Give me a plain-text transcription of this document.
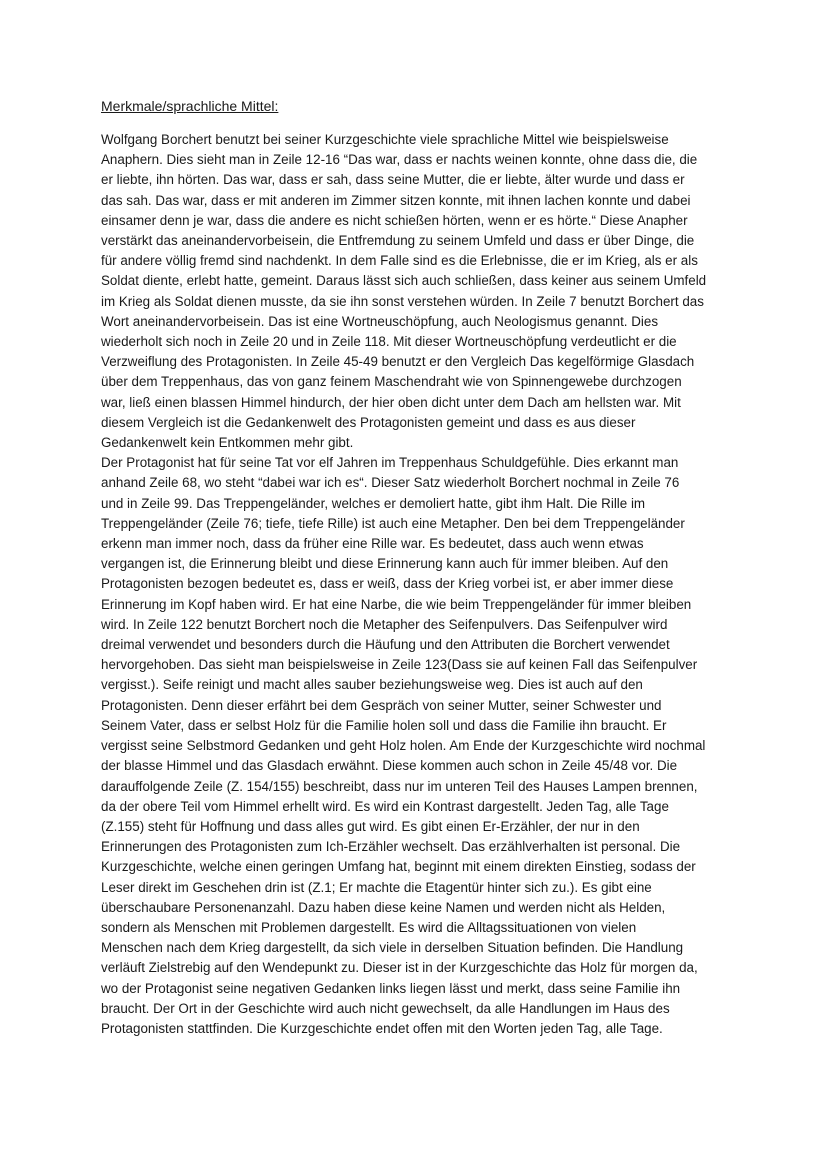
Merkmale/sprachliche Mittel:

Wolfgang Borchert benutzt bei seiner Kurzgeschichte viele sprachliche Mittel wie beispielsweise
Anaphern. Dies sieht man in Zeile 12-16 “Das war, dass er nachts weinen konnte, ohne dass die, die
er liebte, ihn hörten. Das war, dass er sah, dass seine Mutter, die er liebte, älter wurde und dass er
das sah. Das war, dass er mit anderen im Zimmer sitzen konnte, mit ihnen lachen konnte und dabei
einsamer denn je war, dass die andere es nicht schießen hörten, wenn er es hörte.“ Diese Anapher
verstärkt das aneinandervorbeisein, die Entfremdung zu seinem Umfeld und dass er über Dinge, die
für andere völlig fremd sind nachdenkt. In dem Falle sind es die Erlebnisse, die er im Krieg, als er als
Soldat diente, erlebt hatte, gemeint. Daraus lässt sich auch schließen, dass keiner aus seinem Umfeld
im Krieg als Soldat dienen musste, da sie ihn sonst verstehen würden. In Zeile 7 benutzt Borchert das
Wort aneinandervorbeisein. Das ist eine Wortneuschöpfung, auch Neologismus genannt. Dies
wiederholt sich noch in Zeile 20 und in Zeile 118. Mit dieser Wortneuschöpfung verdeutlicht er die
Verzweiflung des Protagonisten. In Zeile 45-49 benutzt er den Vergleich Das kegelförmige Glasdach
über dem Treppenhaus, das von ganz feinem Maschendraht wie von Spinnengewebe durchzogen
war, ließ einen blassen Himmel hindurch, der hier oben dicht unter dem Dach am hellsten war. Mit
diesem Vergleich ist die Gedankenwelt des Protagonisten gemeint und dass es aus dieser
Gedankenwelt kein Entkommen mehr gibt.

Der Protagonist hat für seine Tat vor elf Jahren im Treppenhaus Schuldgefühle. Dies erkannt man
anhand Zeile 68, wo steht “dabei war ich es“. Dieser Satz wiederholt Borchert nochmal in Zeile 76
und in Zeile 99. Das Treppengeländer, welches er demoliert hatte, gibt ihm Halt. Die Rille im
Treppengeländer (Zeile 76; tiefe, tiefe Rille) ist auch eine Metapher. Den bei dem Treppengeländer
erkenn man immer noch, dass da früher eine Rille war. Es bedeutet, dass auch wenn etwas
vergangen ist, die Erinnerung bleibt und diese Erinnerung kann auch für immer bleiben. Auf den
Protagonisten bezogen bedeutet es, dass er weiß, dass der Krieg vorbei ist, er aber immer diese
Erinnerung im Kopf haben wird. Er hat eine Narbe, die wie beim Treppengeländer für immer bleiben
wird. In Zeile 122 benutzt Borchert noch die Metapher des Seifenpulvers. Das Seifenpulver wird
dreimal verwendet und besonders durch die Häufung und den Attributen die Borchert verwendet
hervorgehoben. Das sieht man beispielsweise in Zeile 123(Dass sie auf keinen Fall das Seifenpulver
vergisst.). Seife reinigt und macht alles sauber beziehungsweise weg. Dies ist auch auf den
Protagonisten. Denn dieser erfährt bei dem Gespräch von seiner Mutter, seiner Schwester und
Seinem Vater, dass er selbst Holz für die Familie holen soll und dass die Familie ihn braucht. Er
vergisst seine Selbstmord Gedanken und geht Holz holen. Am Ende der Kurzgeschichte wird nochmal
der blasse Himmel und das Glasdach erwähnt. Diese kommen auch schon in Zeile 45/48 vor. Die
darauffolgende Zeile (Z. 154/155) beschreibt, dass nur im unteren Teil des Hauses Lampen brennen,
da der obere Teil vom Himmel erhellt wird. Es wird ein Kontrast dargestellt. Jeden Tag, alle Tage
(Z.155) steht für Hoffnung und dass alles gut wird. Es gibt einen Er-Erzähler, der nur in den
Erinnerungen des Protagonisten zum Ich-Erzähler wechselt. Das erzählverhalten ist personal. Die
Kurzgeschichte, welche einen geringen Umfang hat, beginnt mit einem direkten Einstieg, sodass der
Leser direkt im Geschehen drin ist (Z.1; Er machte die Etagentür hinter sich zu.). Es gibt eine
überschaubare Personenanzahl. Dazu haben diese keine Namen und werden nicht als Helden,
sondern als Menschen mit Problemen dargestellt. Es wird die Alltagssituationen von vielen
Menschen nach dem Krieg dargestellt, da sich viele in derselben Situation befinden. Die Handlung
verläuft Zielstrebig auf den Wendepunkt zu. Dieser ist in der Kurzgeschichte das Holz für morgen da,
wo der Protagonist seine negativen Gedanken links liegen lässt und merkt, dass seine Familie ihn
braucht. Der Ort in der Geschichte wird auch nicht gewechselt, da alle Handlungen im Haus des
Protagonisten stattfinden. Die Kurzgeschichte endet offen mit den Worten jeden Tag, alle Tage.
